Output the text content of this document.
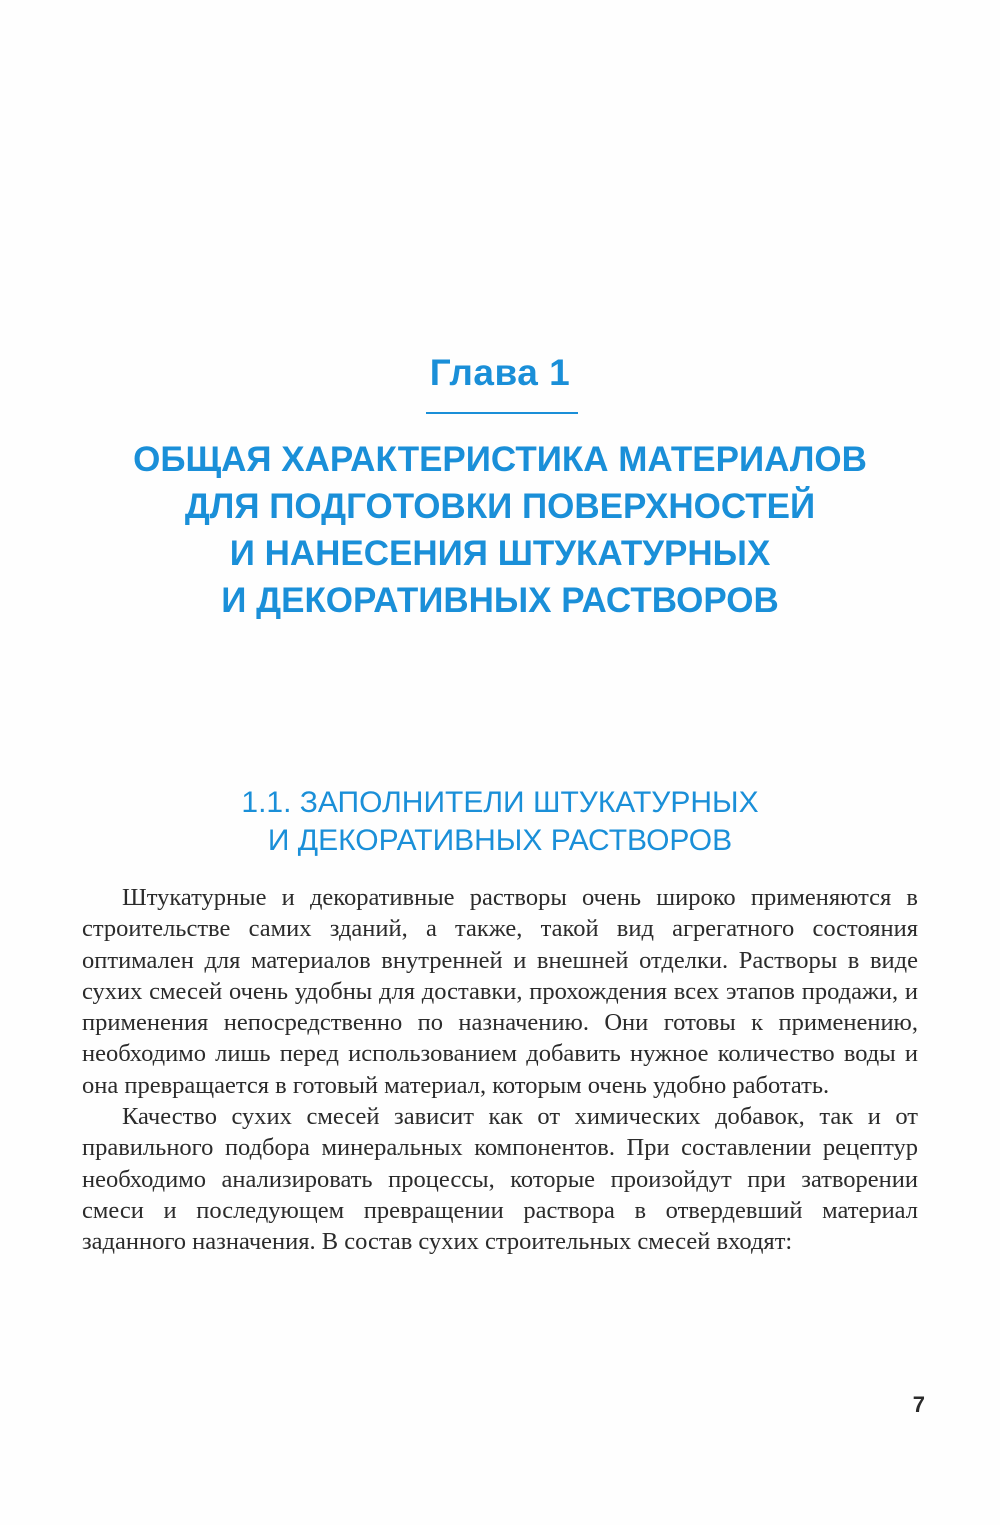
Глава 1
ОБЩАЯ ХАРАКТЕРИСТИКА МАТЕРИАЛОВ
ДЛЯ ПОДГОТОВКИ ПОВЕРХНОСТЕЙ
И НАНЕСЕНИЯ ШТУКАТУРНЫХ
И ДЕКОРАТИВНЫХ РАСТВОРОВ
1.1. ЗАПОЛНИТЕЛИ ШТУКАТУРНЫХ
И ДЕКОРАТИВНЫХ РАСТВОРОВ

Штукатурные и декоративные растворы очень широко применяются в строительстве самих зданий, а также, такой вид агрегатного состояния оптимален для материалов внутренней и внешней отделки. Растворы в виде сухих смесей очень удобны для доставки, прохождения всех этапов продажи, и применения непосредственно по назначению. Они готовы к применению, необходимо лишь перед использованием добавить нужное количество воды и она превращается в готовый материал, которым очень удобно работать.

Качество сухих смесей зависит как от химических добавок, так и от правильного подбора минеральных компонентов. При составлении рецептур необходимо анализировать процессы, которые произойдут при затворении смеси и последующем превращении раствора в отвердевший материал заданного назначения. В состав сухих строительных смесей входят:

7
